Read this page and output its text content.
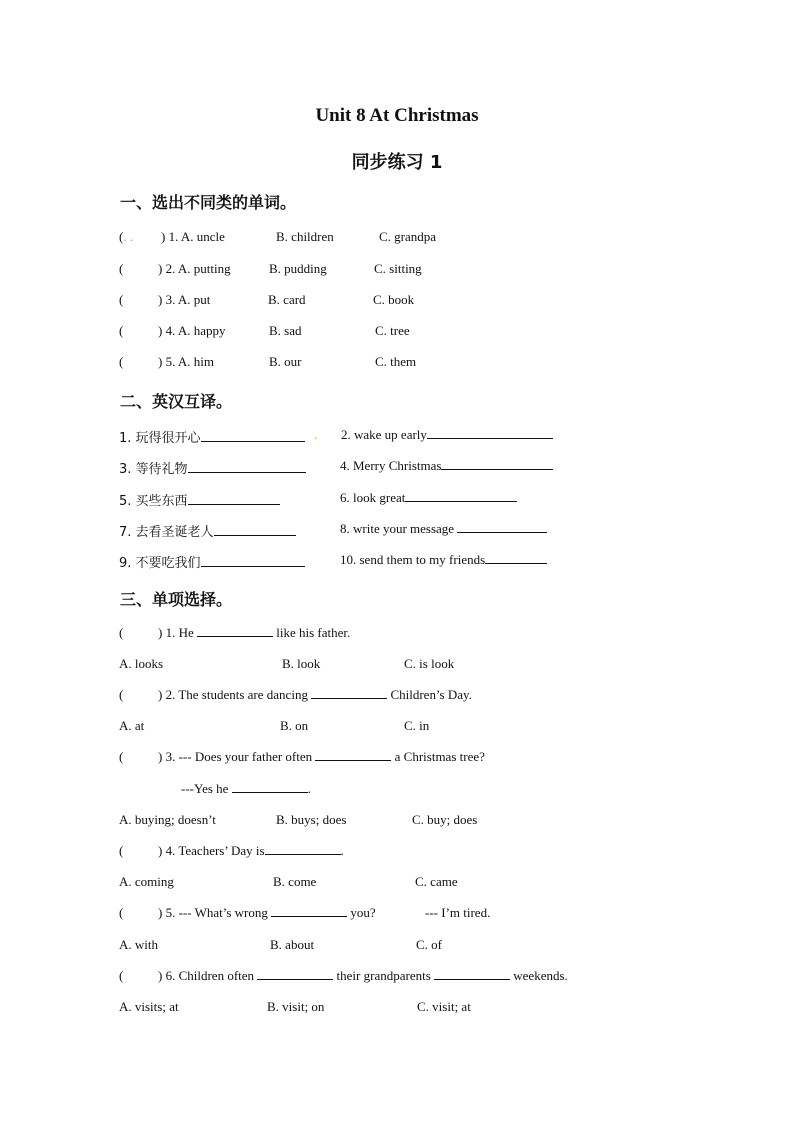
Unit 8 At Christmas
同步练习 1
一、选出不同类的单词。
(. . ) 1. A. uncle	B. children	C. grandpa
(	) 2. A. putting	B. pudding	C. sitting
(	) 3. A. put	B. card	C. book
(	) 4. A. happy	B. sad	C. tree
(	) 5. A. him	B. our	C. them
二、英汉互译。
1. 玩得很开心	. 2. wake up early
3. 等待礼物	4. Merry Christmas
5. 买些东西	6. look great
7. 去看圣诞老人	8. write your message
9. 不要吃我们	10. send them to my friends
三、单项选择。
(	) 1. He	like his father.
A. looks	B. look	C. is look
(	) 2. The students are dancing	Children’s Day.
A. at	B. on	C. in
(	) 3. --- Does your father often	a Christmas tree?
---Yes he	.
A. buying; doesn’t	B. buys; does	C. buy; does
(	) 4. Teachers’ Day is	.
A. coming	B. come	C. came
(	) 5. --- What’s wrong	you?	--- I’m tired.
A. with	B. about	C. of
(	) 6. Children often	their grandparents	weekends.
A. visits; at	B. visit; on	C. visit; at
